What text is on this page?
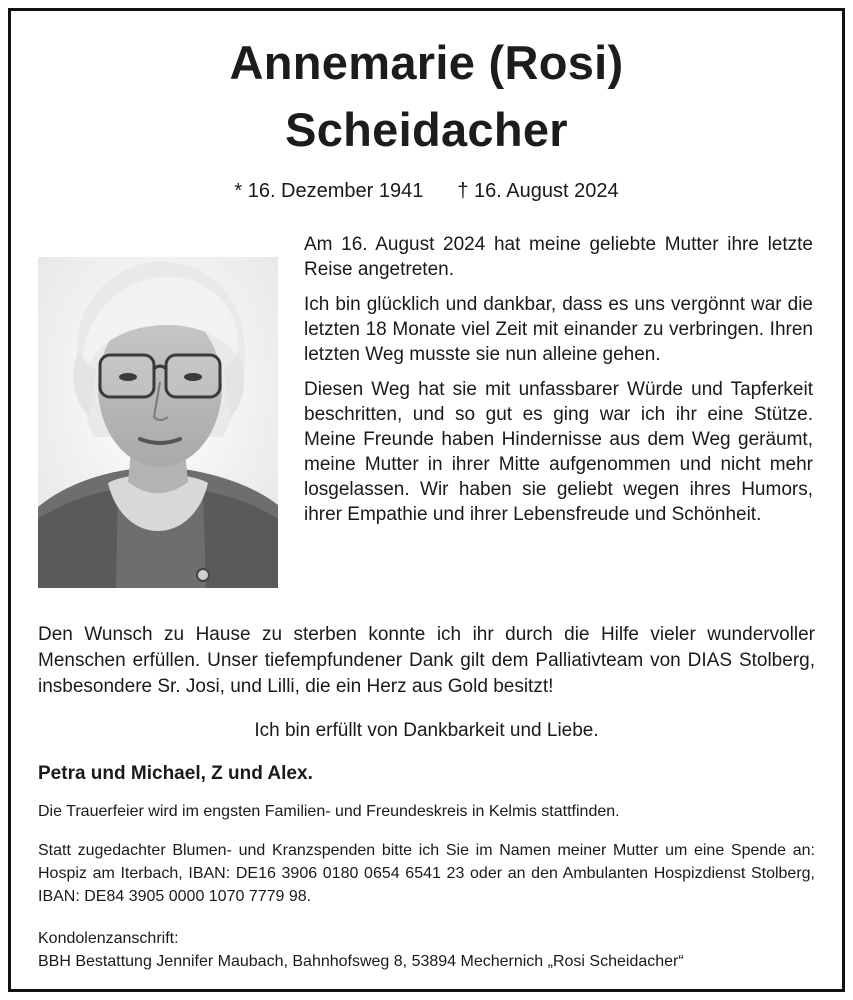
Annemarie (Rosi)
Scheidacher
* 16. Dezember 1941 † 16. August 2024

Am 16. August 2024 hat meine geliebte Mutter ihre letzte Reise angetreten.

Ich bin glücklich und dankbar, dass es uns vergönnt war die letzten 18 Monate viel Zeit mit einander zu verbringen. Ihren letzten Weg musste sie nun alleine gehen.

Diesen Weg hat sie mit unfassbarer Würde und Tapferkeit beschritten, und so gut es ging war ich ihr eine Stütze. Meine Freunde haben Hindernisse aus dem Weg geräumt, meine Mutter in ihrer Mitte aufgenommen und nicht mehr losgelassen. Wir haben sie geliebt wegen ihres Humors, ihrer Empathie und ihrer Lebensfreude und Schönheit.

Den Wunsch zu Hause zu sterben konnte ich ihr durch die Hilfe vieler wundervoller Menschen erfüllen. Unser tiefempfundener Dank gilt dem Palliativteam von DIAS Stolberg, insbesondere Sr. Josi, und Lilli, die ein Herz aus Gold besitzt!
Ich bin erfüllt von Dankbarkeit und Liebe.
Petra und Michael, Z und Alex.
Die Trauerfeier wird im engsten Familien- und Freundeskreis in Kelmis stattfinden.
Statt zugedachter Blumen- und Kranzspenden bitte ich Sie im Namen meiner Mutter um eine Spende an: Hospiz am Iterbach, IBAN: DE16 3906 0180 0654 6541 23 oder an den Ambulanten Hospizdienst Stolberg, IBAN: DE84 3905 0000 1070 7779 98.
Kondolenzanschrift:
BBH Bestattung Jennifer Maubach, Bahnhofsweg 8, 53894 Mechernich „Rosi Scheidacher“
